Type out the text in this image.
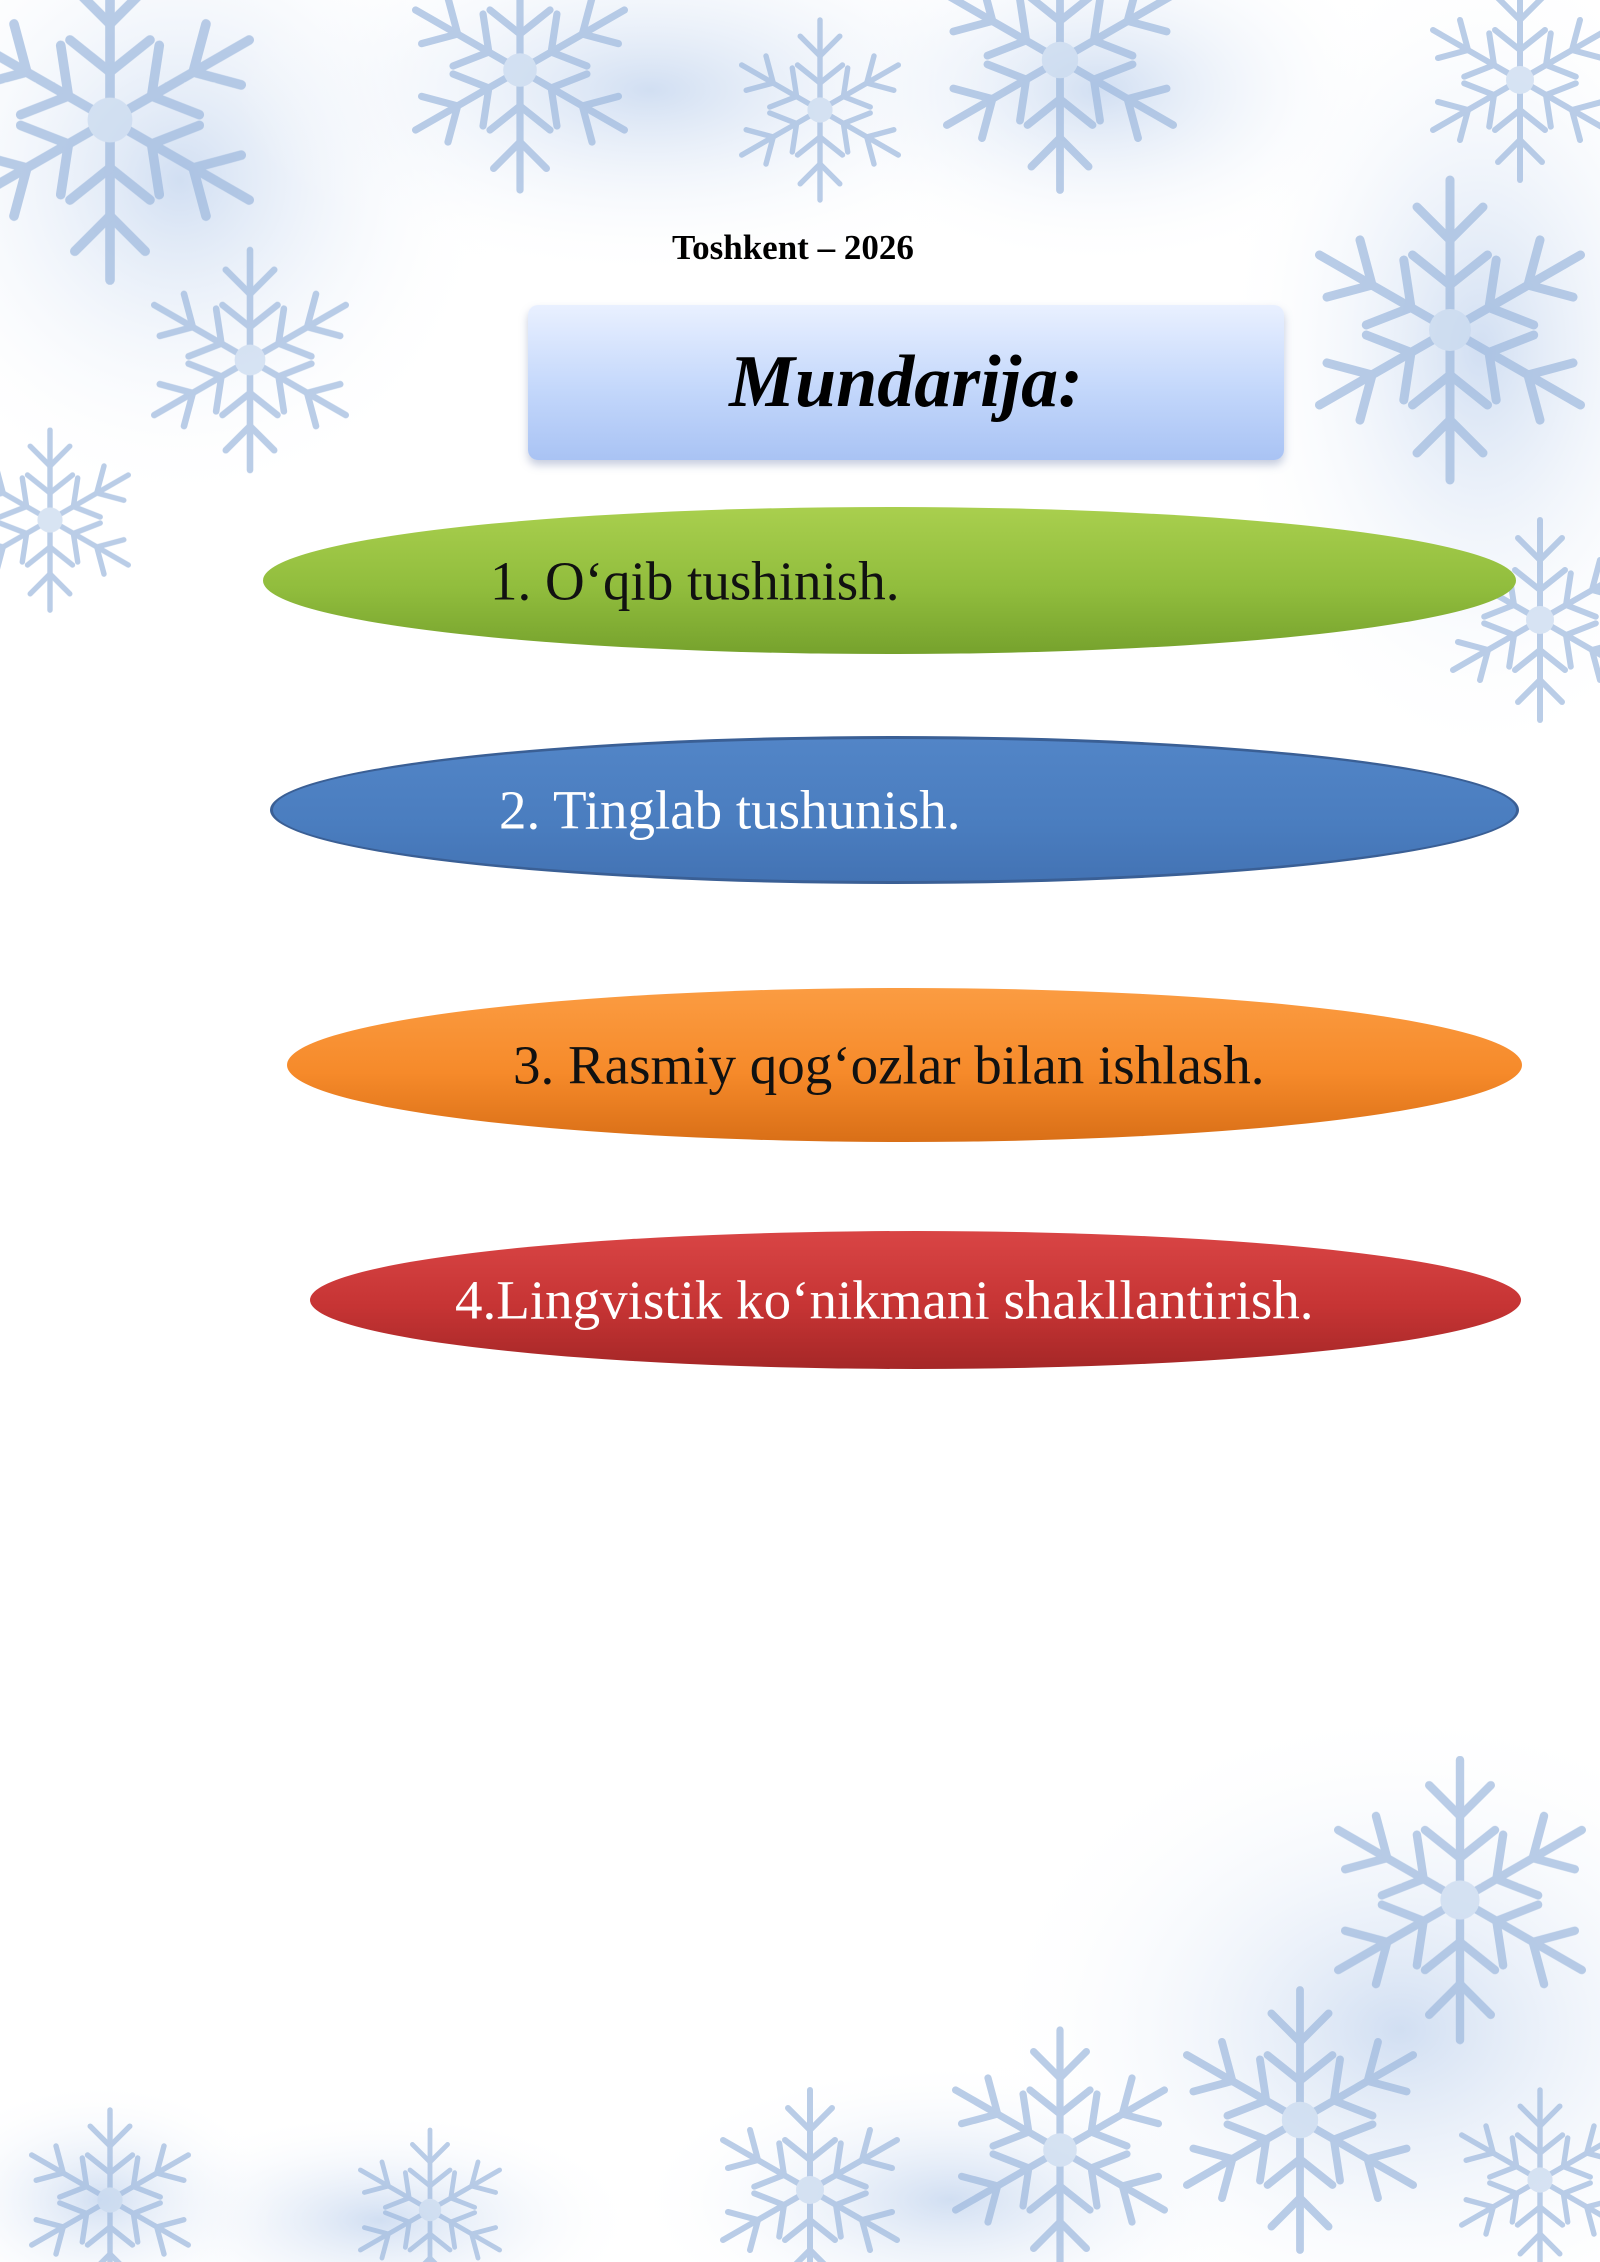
Toshkent – 2026
Mundarija:
1. O‘qib tushinish.
2. Tinglab tushunish.
3. Rasmiy qog‘ozlar bilan ishlash.
4.Lingvistik ko‘nikmani shakllantirish.
